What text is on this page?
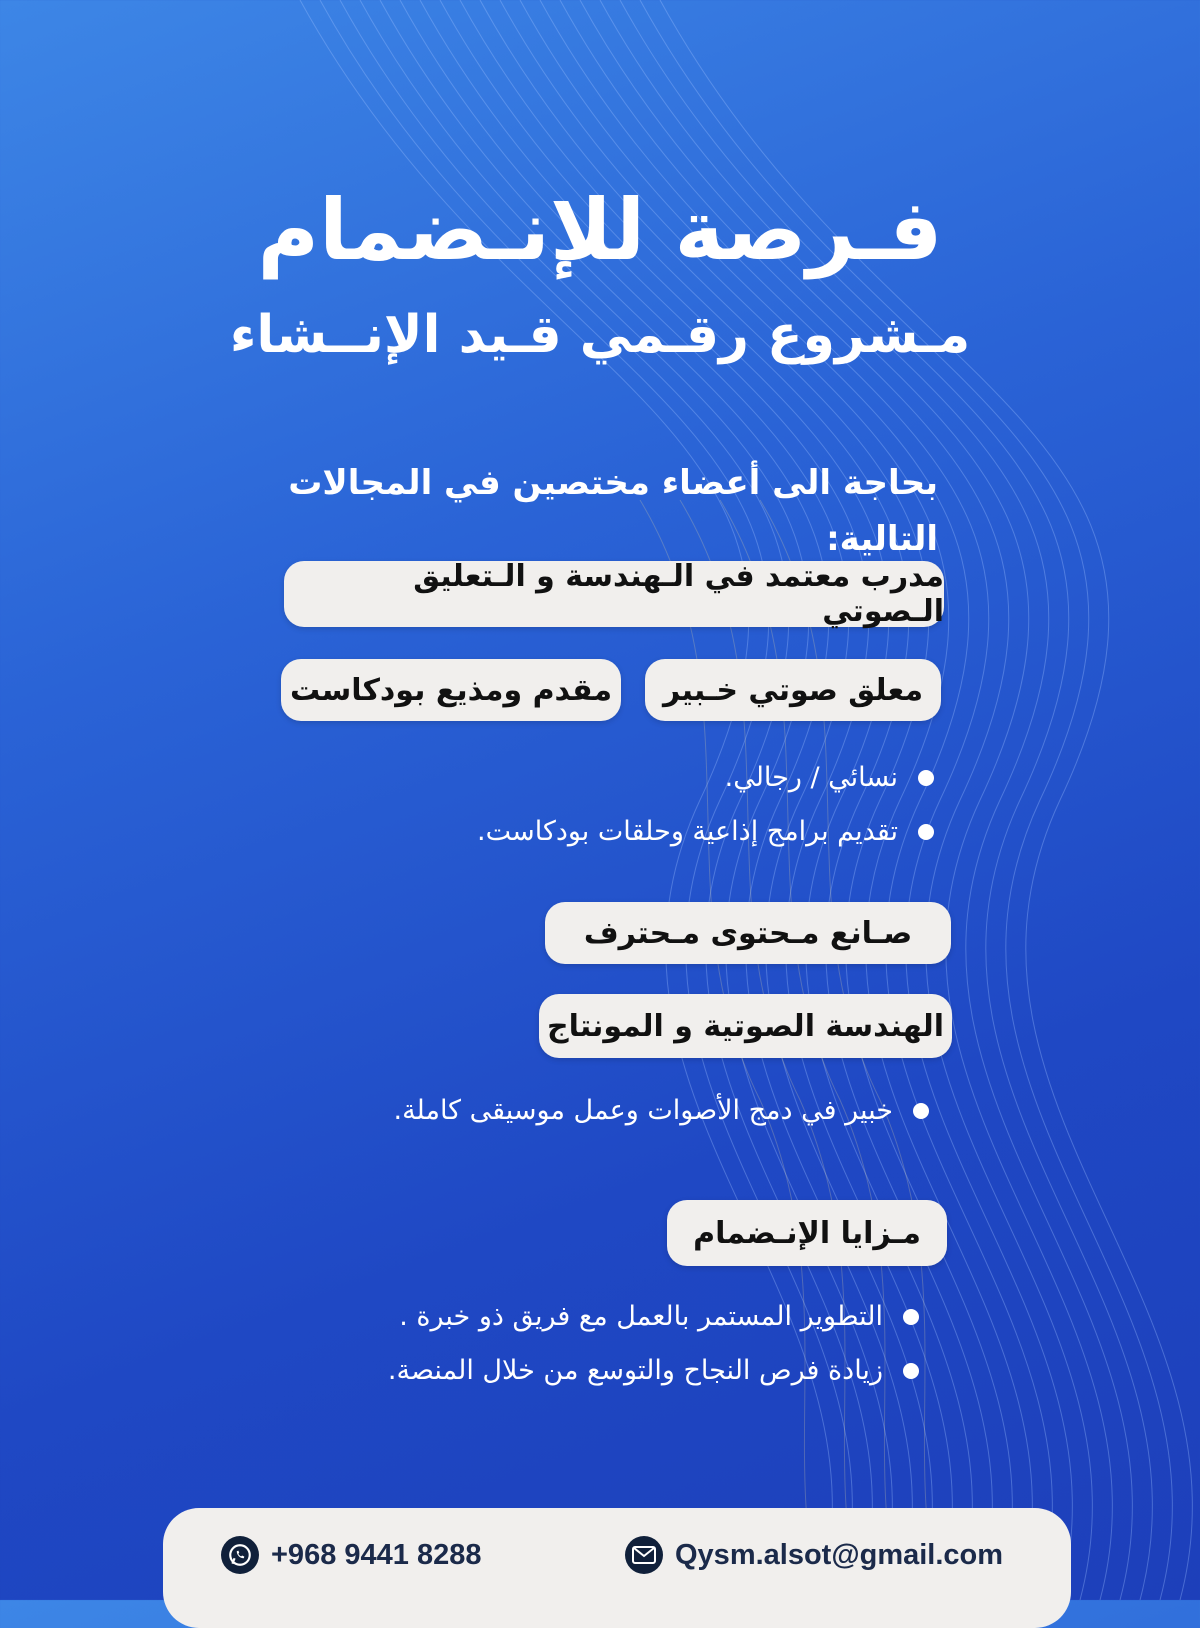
فـرصة للإنـضمام
مـشروع رقـمي قـيد الإنــشاء
بحاجة الى أعضاء مختصين في المجالات التالية:
مدرب معتمد في الـهندسة و الـتعليق الـصوتي
معلق صوتي خـبير
مقدم ومذيع بودكاست
نسائي / رجالي.
تقديم برامج إذاعية وحلقات بودكاست.
صـانع مـحتوى مـحترف
الهندسة الصوتية و المونتاج
خبير في دمج الأصوات وعمل موسيقى كاملة.
مـزايا الإنـضمام
التطوير المستمر بالعمل مع فريق ذو خبرة .
زيادة فرص النجاح والتوسع من خلال المنصة.
+968 9441 8288	Qysm.alsot@gmail.com
